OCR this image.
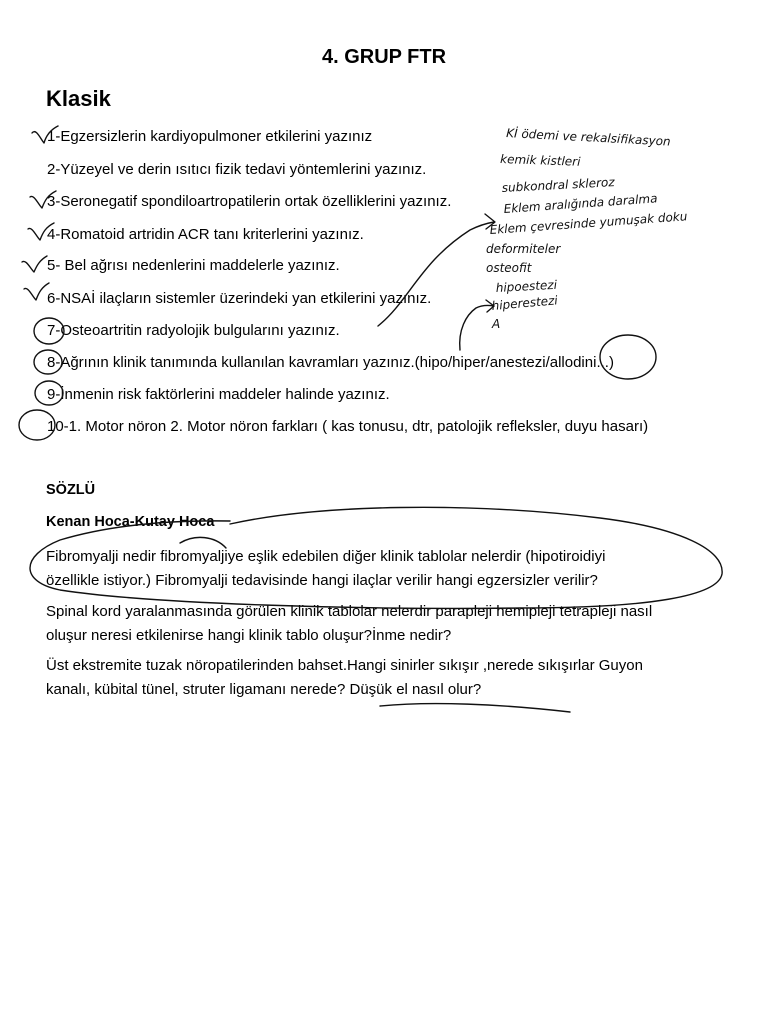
4. GRUP FTR
Klasik
1-Egzersizlerin kardiyopulmoner etkilerini yazınız
2-Yüzeyel ve derin ısıtıcı fizik tedavi yöntemlerini yazınız.
3-Seronegatif spondiloartropatilerin ortak özelliklerini yazınız.
4-Romatoid artridin ACR tanı kriterlerini yazınız.
5- Bel ağrısı nedenlerini maddelerle yazınız.
6-NSAİ ilaçların sistemler üzerindeki yan etkilerini yazınız.
7-Osteoartritin radyolojik bulgularını yazınız.
8-Ağrının klinik tanımında kullanılan kavramları yazınız.(hipo/hiper/anestezi/allodini...)
9-İnmenin risk faktörlerini maddeler halinde yazınız.
10-1. Motor nöron 2. Motor nöron farkları ( kas tonusu, dtr, patolojik refleksler, duyu hasarı)
SÖZLÜ
Kenan Hoca-Kutay Hoca
Fibromyalji nedir fibromyaljiye eşlik edebilen diğer klinik tablolar nelerdir (hipotiroidiyi
özellikle istiyor.) Fibromyalji tedavisinde hangi ilaçlar verilir hangi egzersizler verilir?
Spinal kord yaralanmasında görülen klinik tablolar nelerdir parapleji hemipleji tetrapleji nasıl
oluşur neresi etkilenirse hangi klinik tablo oluşur?İnme nedir?
Üst ekstremite tuzak nöropatilerinden bahset.Hangi sinirler sıkışır ,nerede sıkışırlar Guyon
kanalı, kübital tünel, struter ligamanı nerede? Düşük el nasıl olur?
Kİ ödemi ve rekalsifikasyon
kemik kistleri
subkondral skleroz
Eklem aralığında daralma
Eklem çevresinde yumuşak doku
deformiteler
osteofit
hipoestezi
hiperestezi
A
